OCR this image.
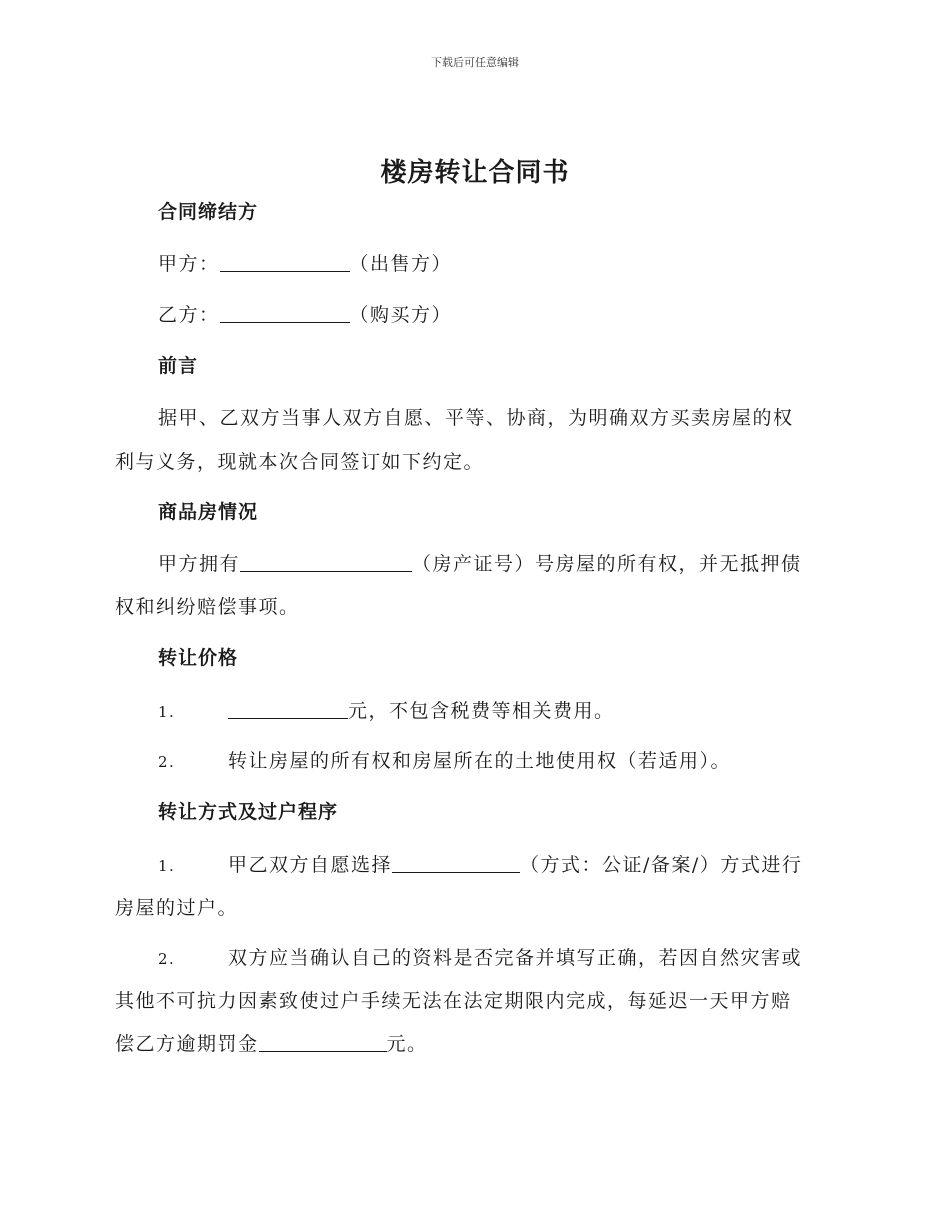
下载后可任意编辑
楼房转让合同书
合同缔结方
甲方：	（出售方）
乙方：	（购买方）
前言
据甲、乙双方当事人双方自愿、平等、协商，为明确双方买卖房屋的权
利与义务，现就本次合同签订如下约定。
商品房情况
甲方拥有	（房产证号）号房屋的所有权，并无抵押债
权和纠纷赔偿事项。
转让价格
1.	元，不包含税费等相关费用。
2.	转让房屋的所有权和房屋所在的土地使用权（若适用）。
转让方式及过户程序
1.	甲乙双方自愿选择	（方式：公证/备案/）方式进行
房屋的过户。
2.	双方应当确认自己的资料是否完备并填写正确，若因自然灾害或
其他不可抗力因素致使过户手续无法在法定期限内完成，每延迟一天甲方赔
偿乙方逾期罚金	元。
